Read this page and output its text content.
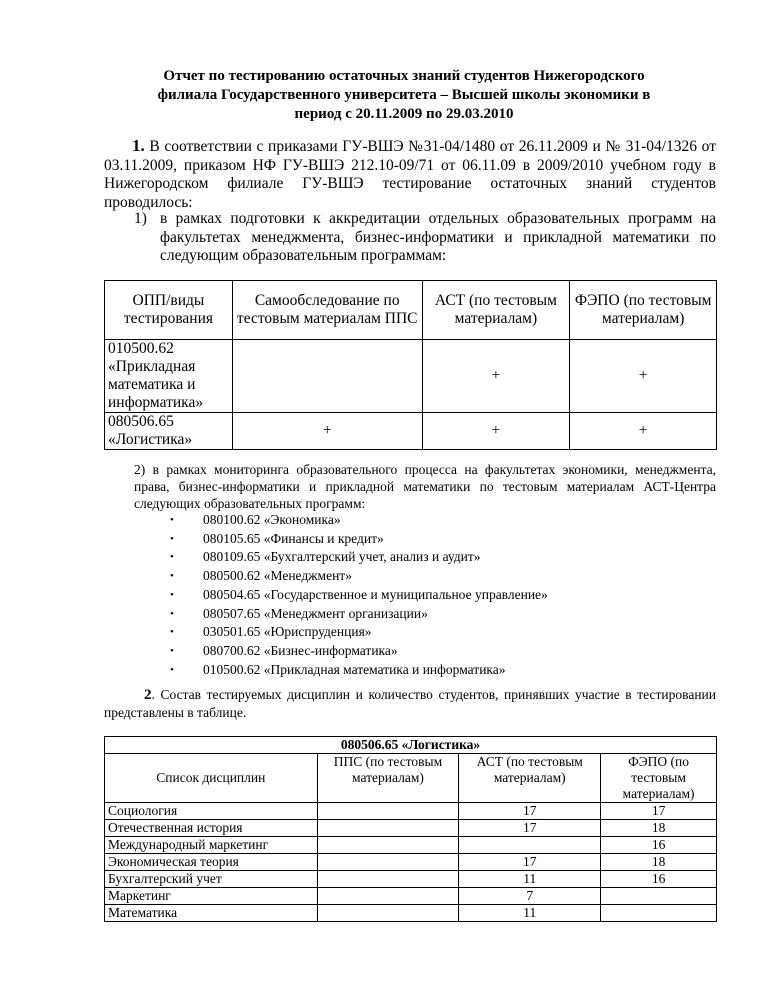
Отчет по тестированию остаточных знаний студентов Нижегородского
филиала Государственного университета – Высшей школы экономики в
период с 20.11.2009 по 29.03.2010
1. В соответствии с приказами ГУ-ВШЭ №31-04/1480 от 26.11.2009 и № 31-04/1326 от 03.11.2009, приказом НФ ГУ-ВШЭ 212.10-09/71 от 06.11.09 в 2009/2010 учебном году в Нижегородском филиале ГУ-ВШЭ тестирование остаточных знаний студентов проводилось:
1) в рамках подготовки к аккредитации отдельных образовательных программ на факультетах менеджмента, бизнес-информатики и прикладной математики по следующим образовательным программам:
ОПП/виды тестирования	Самообследование по тестовым материалам ППС	АСТ (по тестовым материалам)	ФЭПО (по тестовым материалам)
010500.62 «Прикладная математика и информатика»		+	+
080506.65 «Логистика»	+	+	+
2) в рамках мониторинга образовательного процесса на факультетах экономики, менеджмента, права, бизнес-информатики и прикладной математики по тестовым материалам АСТ-Центра следующих образовательных программ:
• 080100.62 «Экономика»
• 080105.65 «Финансы и кредит»
• 080109.65 «Бухгалтерский учет, анализ и аудит»
• 080500.62 «Менеджмент»
• 080504.65 «Государственное и муниципальное управление»
• 080507.65 «Менеджмент организации»
• 030501.65 «Юриспруденция»
• 080700.62 «Бизнес-информатика»
• 010500.62 «Прикладная математика и информатика»
2. Состав тестируемых дисциплин и количество студентов, принявших участие в тестировании представлены в таблице.
080506.65 «Логистика»			
Список дисциплин	ППС (по тестовым материалам)	АСТ (по тестовым материалам)	ФЭПО (по тестовым материалам)
Социология		17	17
Отечественная история		17	18
Международный маркетинг			16
Экономическая теория		17	18
Бухгалтерский учет		11	16
Маркетинг		7	
Математика		11	
